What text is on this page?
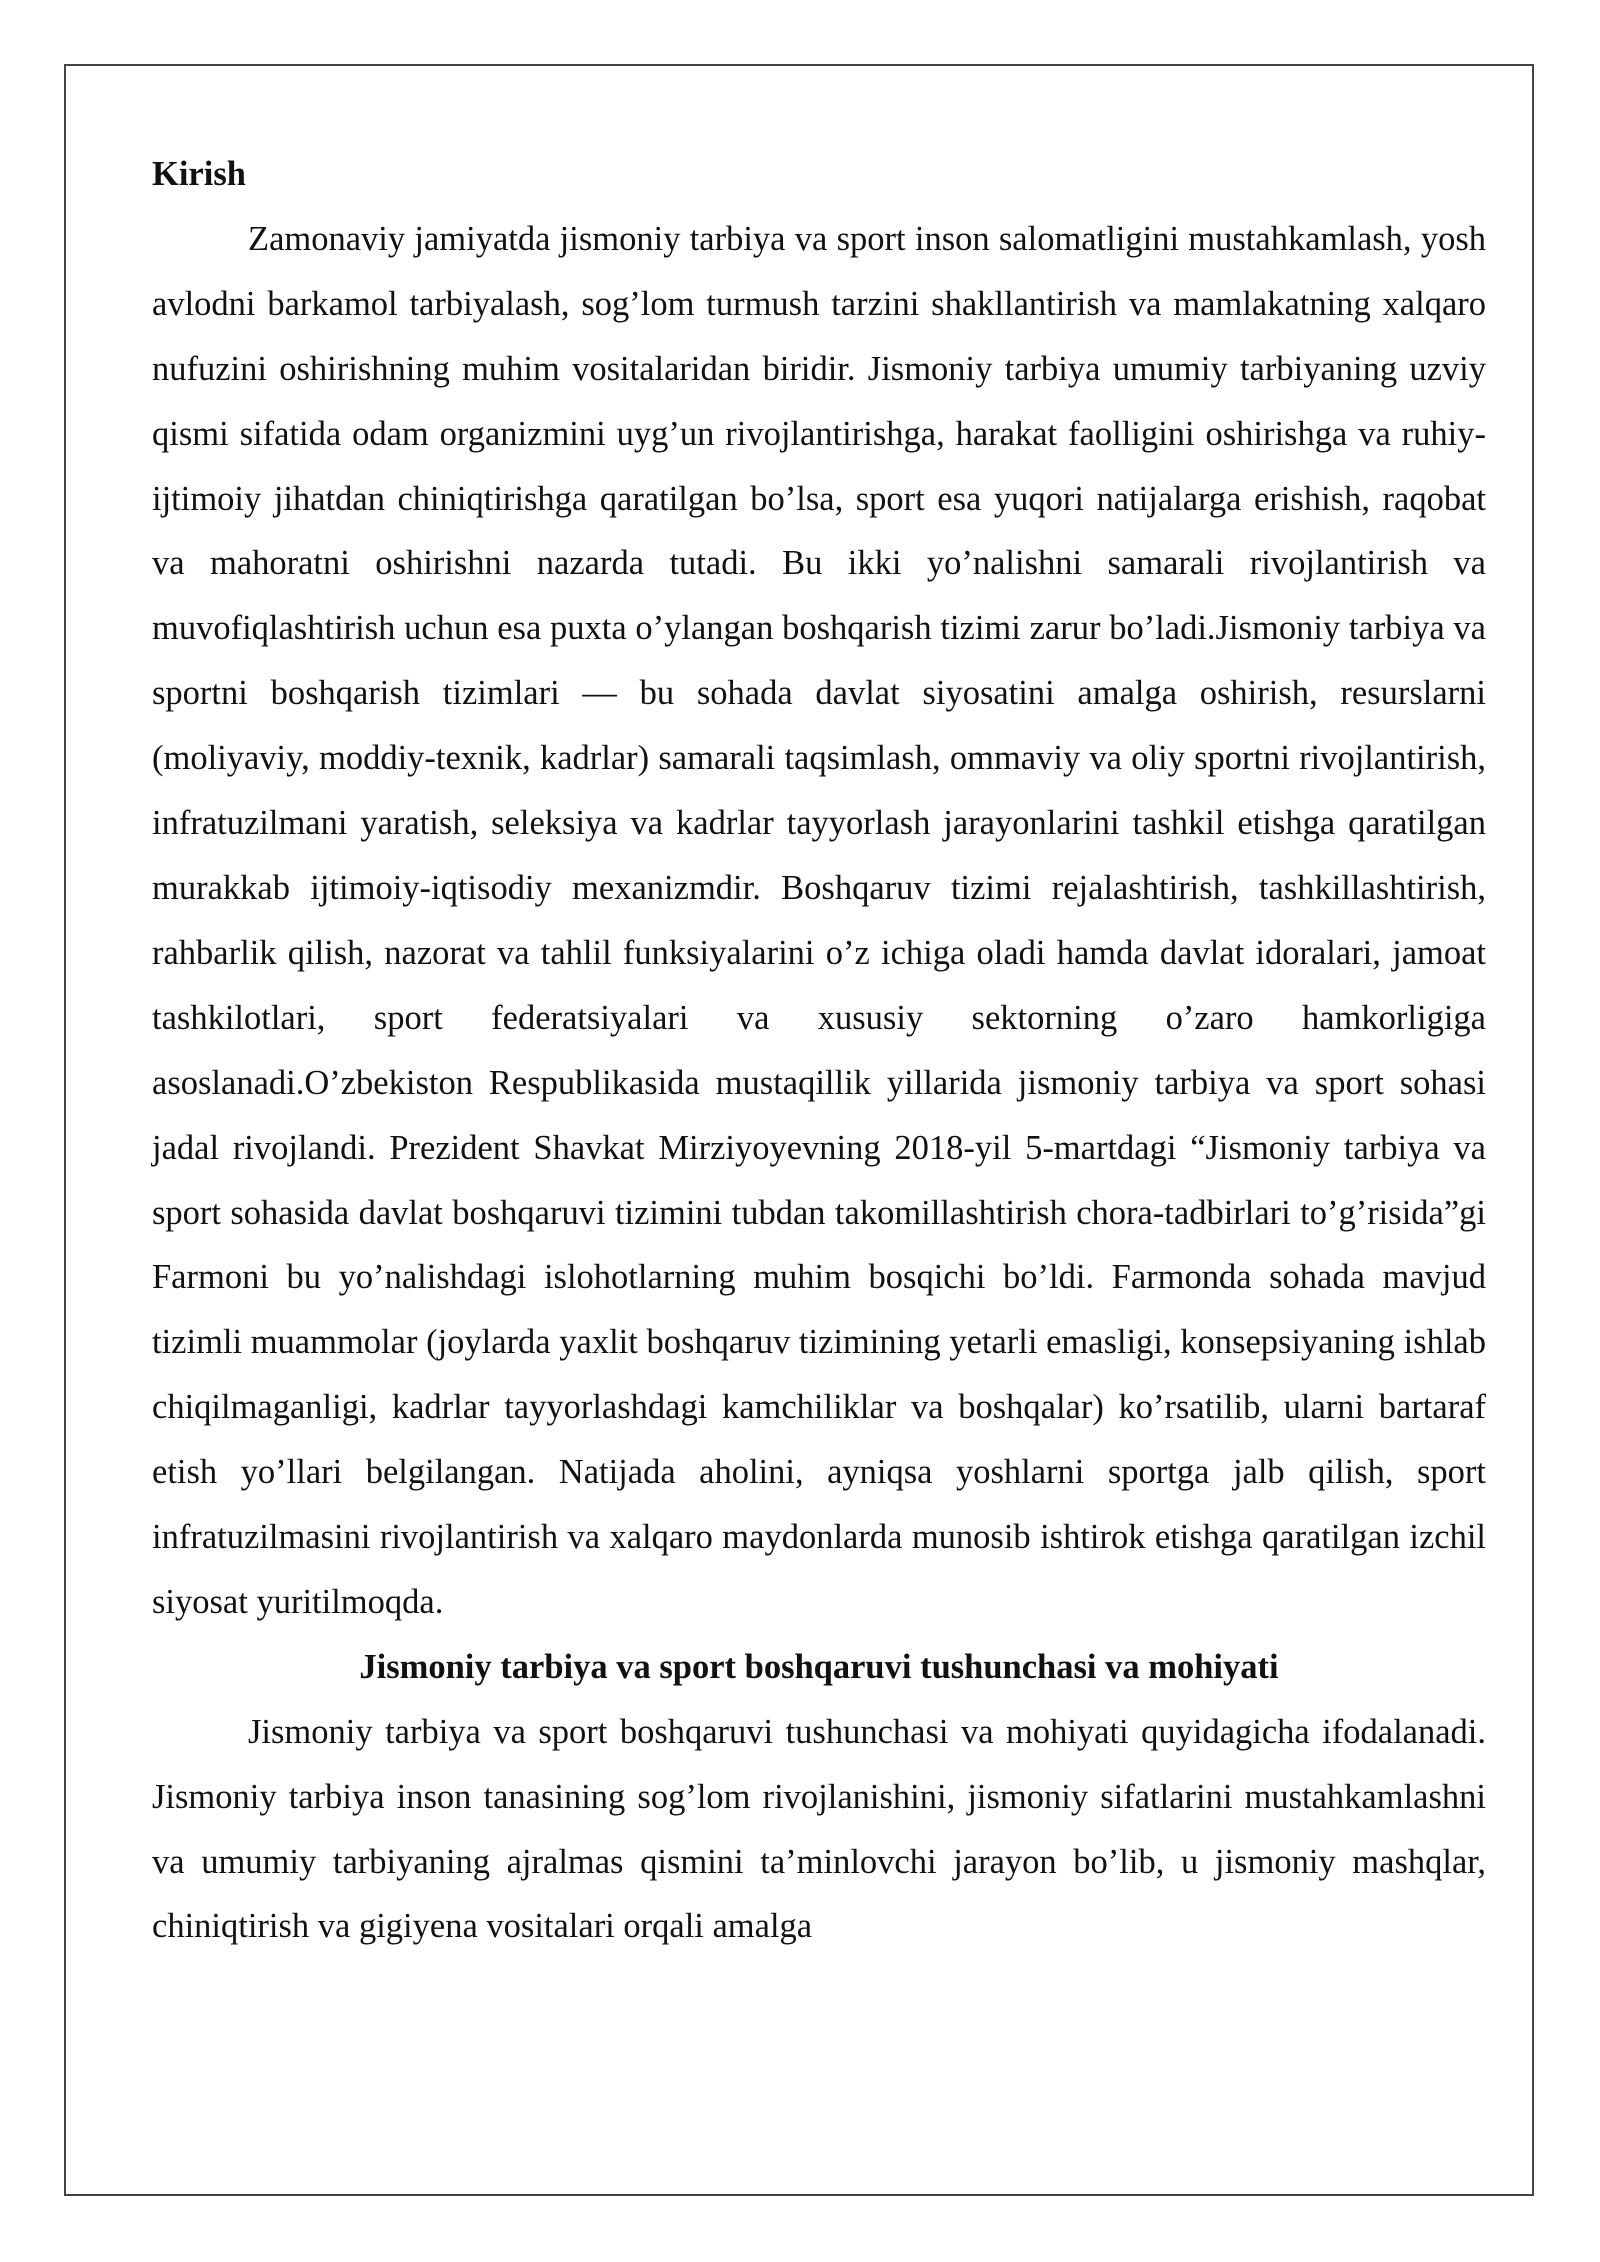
Kirish

Zamonaviy jamiyatda jismoniy tarbiya va sport inson salomatligini mustahkamlash, yosh avlodni barkamol tarbiyalash, sog’lom turmush tarzini shakllantirish va mamlakatning xalqaro nufuzini oshirishning muhim vositalaridan biridir. Jismoniy tarbiya umumiy tarbiyaning uzviy qismi sifatida odam organizmini uyg’un rivojlantirishga, harakat faolligini oshirishga va ruhiy-ijtimoiy jihatdan chiniqtirishga qaratilgan bo’lsa, sport esa yuqori natijalarga erishish, raqobat va mahoratni oshirishni nazarda tutadi. Bu ikki yo’nalishni samarali rivojlantirish va muvofiqlashtirish uchun esa puxta o’ylangan boshqarish tizimi zarur bo’ladi.Jismoniy tarbiya va sportni boshqarish tizimlari — bu sohada davlat siyosatini amalga oshirish, resurslarni (moliyaviy, moddiy-texnik, kadrlar) samarali taqsimlash, ommaviy va oliy sportni rivojlantirish, infratuzilmani yaratish, seleksiya va kadrlar tayyorlash jarayonlarini tashkil etishga qaratilgan murakkab ijtimoiy-iqtisodiy mexanizmdir. Boshqaruv tizimi rejalashtirish, tashkillashtirish, rahbarlik qilish, nazorat va tahlil funksiyalarini o’z ichiga oladi hamda davlat idoralari, jamoat tashkilotlari, sport federatsiyalari va xususiy sektorning o’zaro hamkorligiga asoslanadi.O’zbekiston Respublikasida mustaqillik yillarida jismoniy tarbiya va sport sohasi jadal rivojlandi. Prezident Shavkat Mirziyoyevning 2018-yil 5-martdagi “Jismoniy tarbiya va sport sohasida davlat boshqaruvi tizimini tubdan takomillashtirish chora-tadbirlari to’g’risida”gi Farmoni bu yo’nalishdagi islohotlarning muhim bosqichi bo’ldi. Farmonda sohada mavjud tizimli muammolar (joylarda yaxlit boshqaruv tizimining yetarli emasligi, konsepsiyaning ishlab chiqilmaganligi, kadrlar tayyorlashdagi kamchiliklar va boshqalar) ko’rsatilib, ularni bartaraf etish yo’llari belgilangan. Natijada aholini, ayniqsa yoshlarni sportga jalb qilish, sport infratuzilmasini rivojlantirish va xalqaro maydonlarda munosib ishtirok etishga qaratilgan izchil siyosat yuritilmoqda.

Jismoniy tarbiya va sport boshqaruvi tushunchasi va mohiyati

Jismoniy tarbiya va sport boshqaruvi tushunchasi va mohiyati quyidagicha ifodalanadi. Jismoniy tarbiya inson tanasining sog’lom rivojlanishini, jismoniy sifatlarini mustahkamlashni va umumiy tarbiyaning ajralmas qismini ta’minlovchi jarayon bo’lib, u jismoniy mashqlar, chiniqtirish va gigiyena vositalari orqali amalga
